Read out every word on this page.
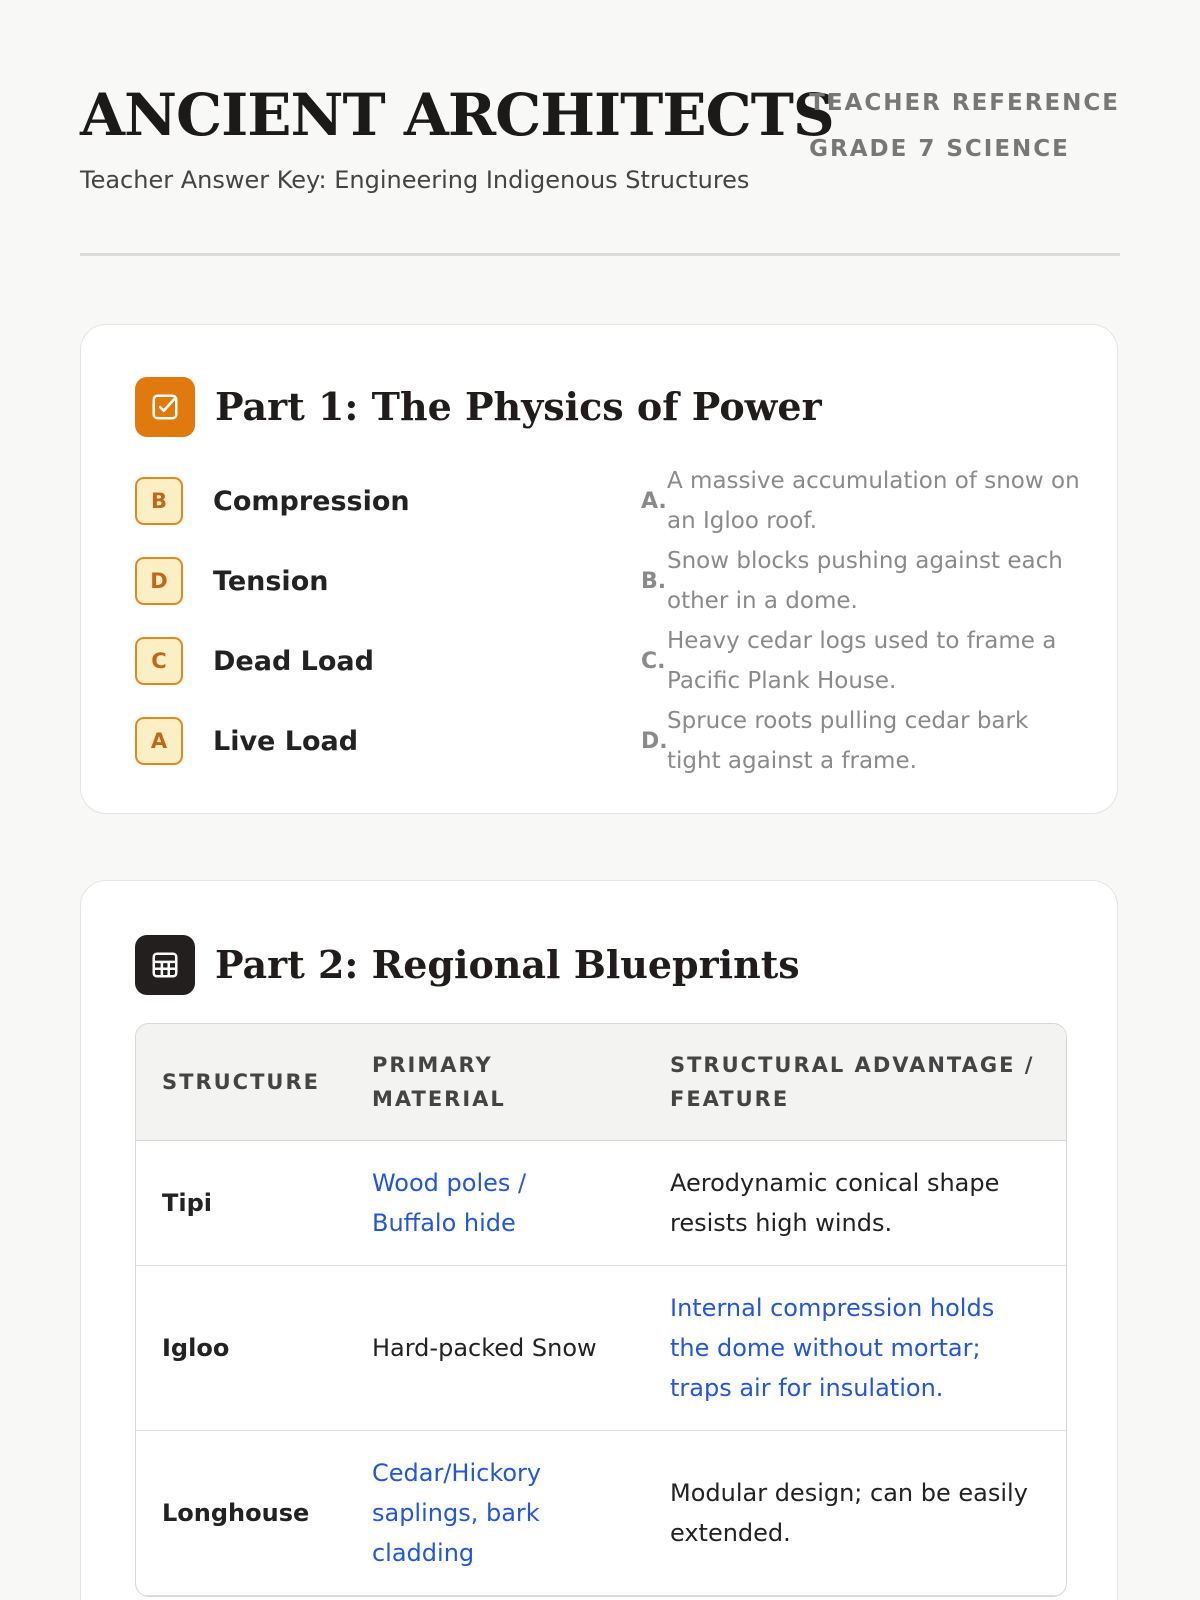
ANCIENT ARCHITECTS
Teacher Answer Key: Engineering Indigenous Structures
TEACHER REFERENCE
GRADE 7 SCIENCE
Part 1: The Physics of Power
B	Compression
D	Tension
C	Dead Load
A	Live Load
A.
A massive accumulation of snow on an Igloo roof.
B.
Snow blocks pushing against each other in a dome.
C.
Heavy cedar logs used to frame a Pacific Plank House.
D.
Spruce roots pulling cedar bark tight against a frame.
Part 2: Regional Blueprints
STRUCTURE	PRIMARY MATERIAL	STRUCTURAL ADVANTAGE / FEATURE
Tipi	Wood poles / Buffalo hide	Aerodynamic conical shape resists high winds.
Igloo	Hard-packed Snow	Internal compression holds the dome without mortar; traps air for insulation.
Longhouse	Cedar/Hickory saplings, bark cladding	Modular design; can be easily extended.
